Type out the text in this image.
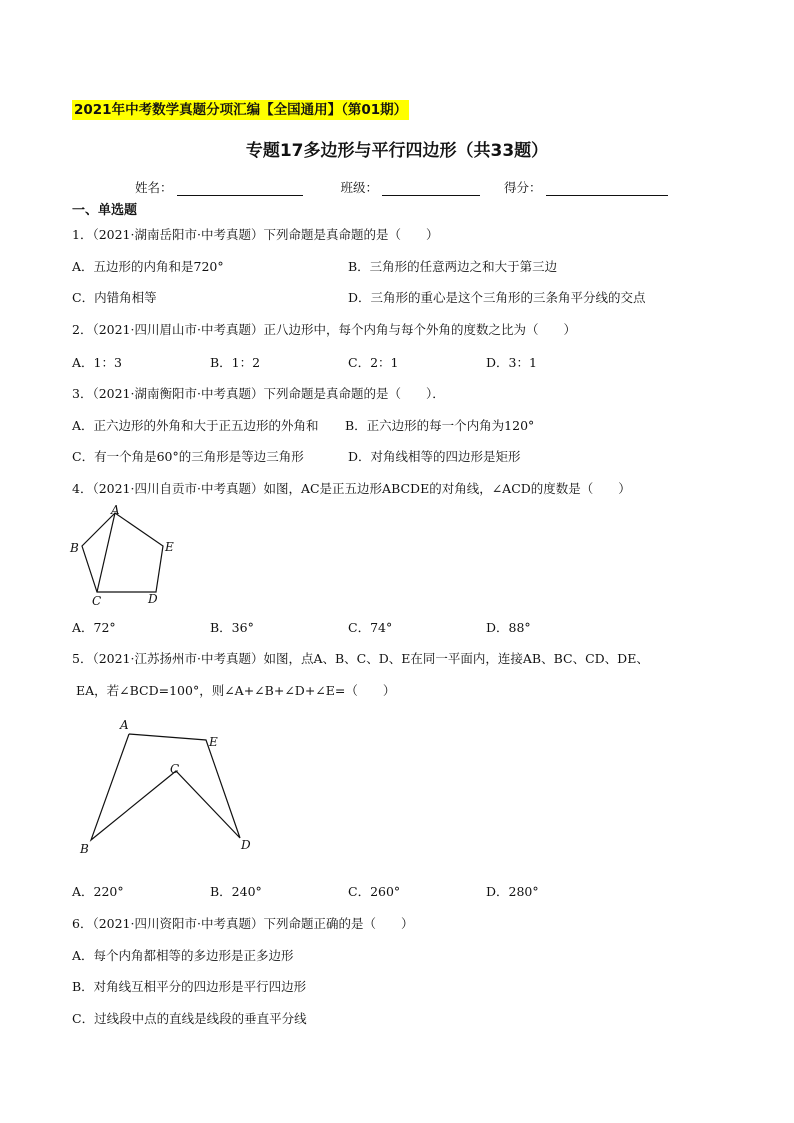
2021年中考数学真题分项汇编【全国通用】（第01期）
专题17多边形与平行四边形（共33题）
姓名：	班级：	得分：
一、单选题
1．（2021·湖南岳阳市·中考真题）下列命题是真命题的是（　　）
A．五边形的内角和是720°	B．三角形的任意两边之和大于第三边
C．内错角相等	D．三角形的重心是这个三角形的三条角平分线的交点
2．（2021·四川眉山市·中考真题）正八边形中，每个内角与每个外角的度数之比为（　　）
A．1：3	B．1：2	C．2：1	D．3：1
3．（2021·湖南衡阳市·中考真题）下列命题是真命题的是（　　）．
A．正六边形的外角和大于正五边形的外角和 B．正六边形的每一个内角为120°
C．有一个角是60°的三角形是等边三角形	D．对角线相等的四边形是矩形
4．（2021·四川自贡市·中考真题）如图，AC是正五边形ABCDE的对角线，∠ACD的度数是（　　）
A
B
C	D
E
A．72°	B．36°	C．74°	D．88°
5．（2021·江苏扬州市·中考真题）如图，点A、B、C、D、E在同一平面内，连接AB、BC、CD、DE、
EA，若∠BCD=100°，则∠A+∠B+∠D+∠E=（　　）
A
B
C
D
E
A．220°	B．240°	C．260°	D．280°
6．（2021·四川资阳市·中考真题）下列命题正确的是（　　）
A．每个内角都相等的多边形是正多边形
B．对角线互相平分的四边形是平行四边形
C．过线段中点的直线是线段的垂直平分线
